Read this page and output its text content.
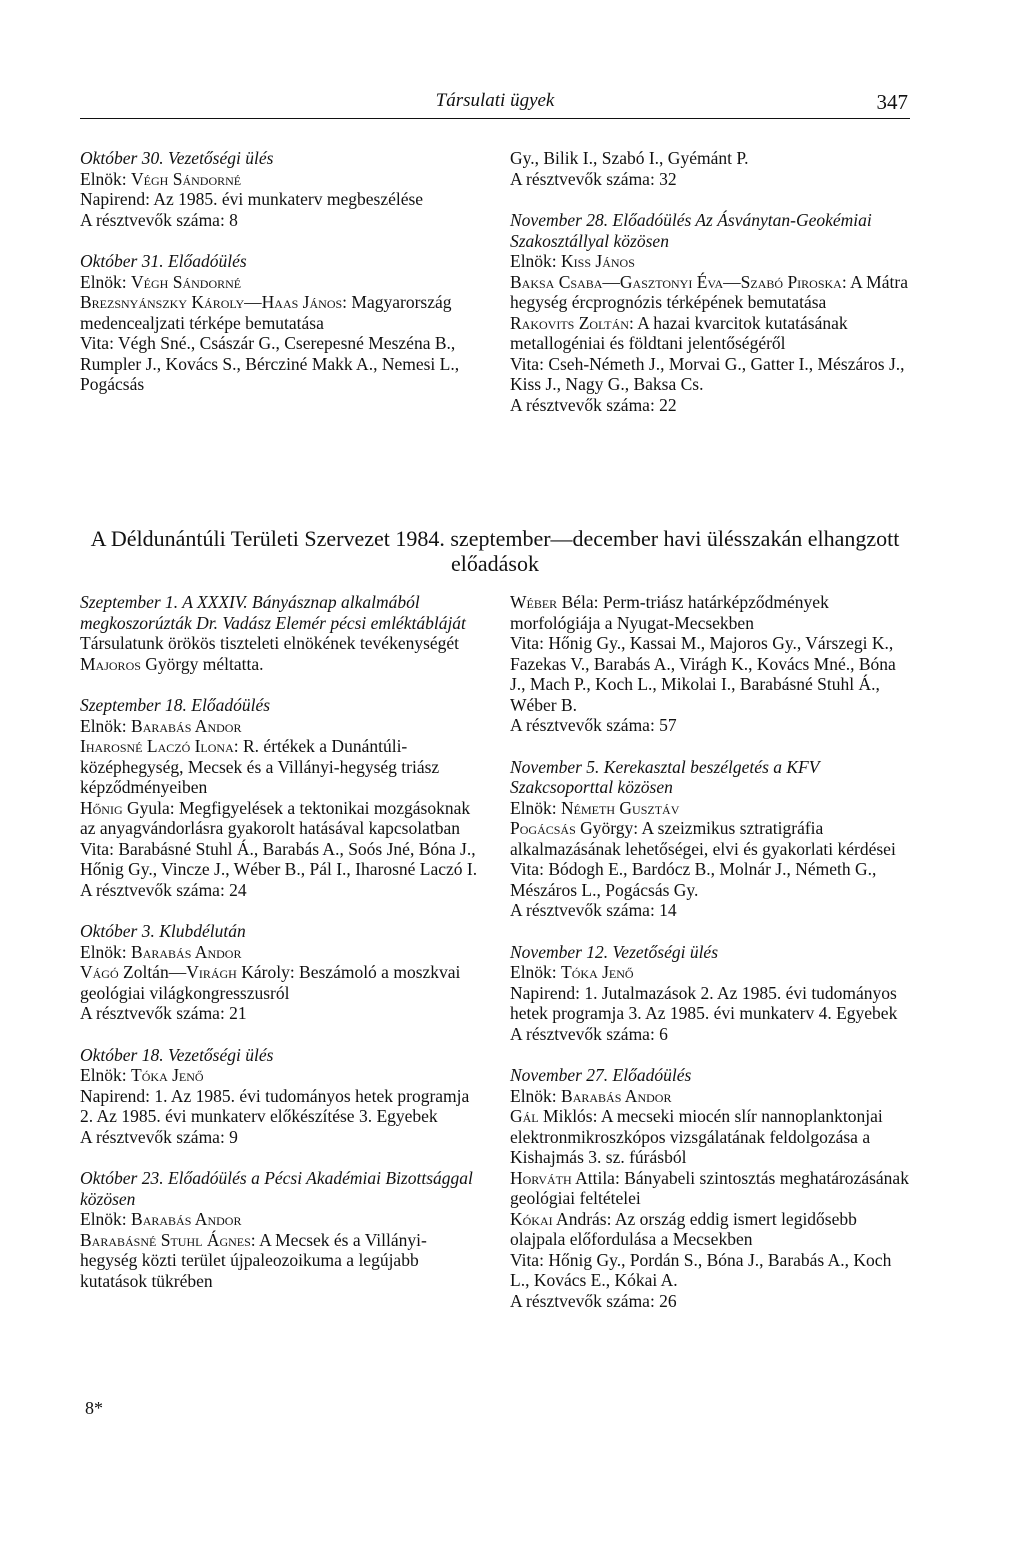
Társulati ügyek	347

Október 30. Vezetőségi ülés

Elnök: Végh Sándorné

Napirend: Az 1985. évi munkaterv megbeszélése

A résztvevők száma: 8

Október 31. Előadóülés

Elnök: Végh Sándorné

Brezsnyánszky Károly—Haas János: Magyarország medencealjzati térképe bemutatása

Vita: Végh Sné., Császár G., Cserepesné Meszéna B., Rumpler J., Kovács S., Bércziné Makk A., Nemesi L., Pogácsás

Gy., Bilik I., Szabó I., Gyémánt P.

A résztvevők száma: 32

November 28. Előadóülés Az Ásványtan-Geokémiai Szakosztállyal közösen

Elnök: Kiss János

Baksa Csaba—Gasztonyi Éva—Szabó Piroska: A Mátra hegység ércprognózis térképének bemutatása

Rakovits Zoltán: A hazai kvarcitok kutatásának metallogéniai és földtani jelentőségéről

Vita: Cseh-Németh J., Morvai G., Gatter I., Mészáros J., Kiss J., Nagy G., Baksa Cs.

A résztvevők száma: 22

A Déldunántúli Területi Szervezet 1984. szeptember—december havi ülésszakán elhangzott előadások

Szeptember 1. A XXXIV. Bányásznap alkalmából megkoszorúzták Dr. Vadász Elemér pécsi emléktábláját

Társulatunk örökös tiszteleti elnökének tevékenységét Majoros György méltatta.

Szeptember 18. Előadóülés

Elnök: Barabás Andor

Iharosné Laczó Ilona: R. értékek a Dunántúli-középhegység, Mecsek és a Villányi-hegység triász képződményeiben

Hőnig Gyula: Megfigyelések a tektonikai mozgásoknak az anyagvándorlásra gyakorolt hatásával kapcsolatban

Vita: Barabásné Stuhl Á., Barabás A., Soós Jné, Bóna J., Hőnig Gy., Vincze J., Wéber B., Pál I., Iharosné Laczó I.

A résztvevők száma: 24

Október 3. Klubdélután

Elnök: Barabás Andor

Vágó Zoltán—Virágh Károly: Beszámoló a moszkvai geológiai világkongresszusról

A résztvevők száma: 21

Október 18. Vezetőségi ülés

Elnök: Tóka Jenő

Napirend: 1. Az 1985. évi tudományos hetek programja 2. Az 1985. évi munkaterv előkészítése 3. Egyebek

A résztvevők száma: 9

Október 23. Előadóülés a Pécsi Akadémiai Bizottsággal közösen

Elnök: Barabás Andor

Barabásné Stuhl Ágnes: A Mecsek és a Villányi-hegység közti terület újpaleozoikuma a legújabb kutatások tükrében

Wéber Béla: Perm-triász határképződmények morfológiája a Nyugat-Mecsekben

Vita: Hőnig Gy., Kassai M., Majoros Gy., Várszegi K., Fazekas V., Barabás A., Virágh K., Kovács Mné., Bóna J., Mach P., Koch L., Mikolai I., Barabásné Stuhl Á., Wéber B.

A résztvevők száma: 57

November 5. Kerekasztal beszélgetés a KFV Szakcsoporttal közösen

Elnök: Németh Gusztáv

Pogácsás György: A szeizmikus sztratigráfia alkalmazásának lehetőségei, elvi és gyakorlati kérdései

Vita: Bódogh E., Bardócz B., Molnár J., Németh G., Mészáros L., Pogácsás Gy.

A résztvevők száma: 14

November 12. Vezetőségi ülés

Elnök: Tóka Jenő

Napirend: 1. Jutalmazások 2. Az 1985. évi tudományos hetek programja 3. Az 1985. évi munkaterv 4. Egyebek

A résztvevők száma: 6

November 27. Előadóülés

Elnök: Barabás Andor

Gál Miklós: A mecseki miocén slír nannoplanktonjai elektronmikroszkópos vizsgálatának feldolgozása a Kishajmás 3. sz. fúrásból

Horváth Attila: Bányabeli szintosztás meghatározásának geológiai feltételei

Kókai András: Az ország eddig ismert legidősebb olajpala előfordulása a Mecsekben

Vita: Hőnig Gy., Pordán S., Bóna J., Barabás A., Koch L., Kovács E., Kókai A.

A résztvevők száma: 26

8*
